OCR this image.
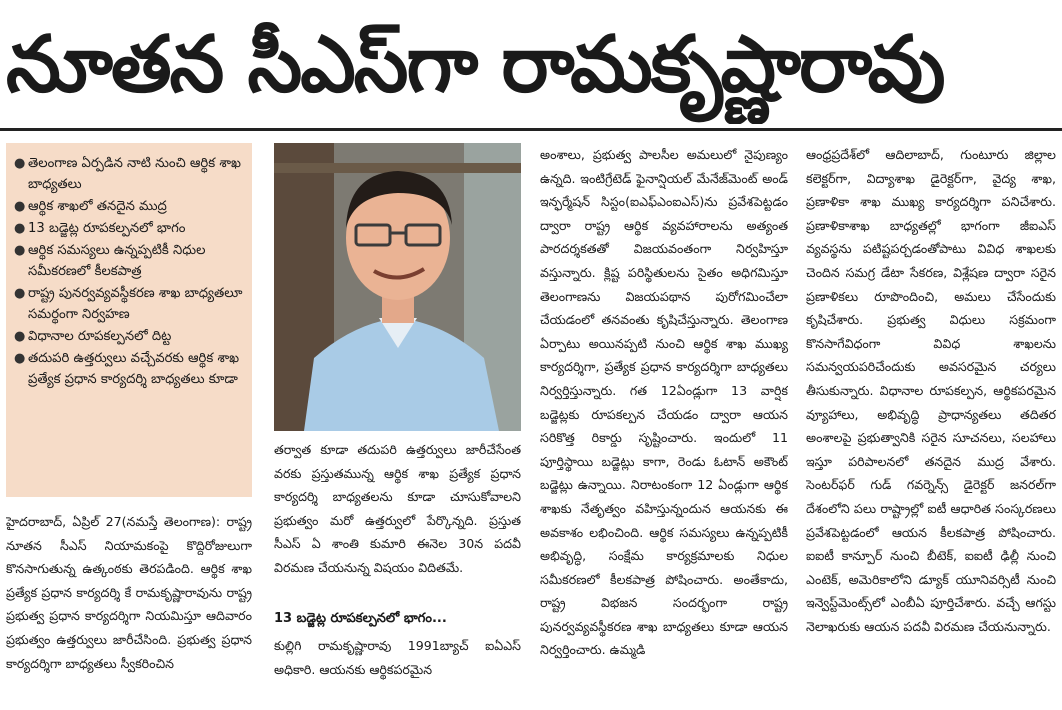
నూతన సీఎస్‌గా రామకృష్ణారావు
● తెలంగాణ ఏర్పడిన నాటి నుంచి ఆర్థిక శాఖ బాధ్యతలు
● ఆర్థిక శాఖలో తనదైన ముద్ర
● 13 బడ్జెట్ల రూపకల్పనలో భాగం
● ఆర్థిక సమస్యలు ఉన్నప్పటికీ నిధుల సమీకరణలో కీలకపాత్ర
● రాష్ట్ర పునర్వవ్యవస్థీకరణ శాఖ బాధ్యతలూ సమర్థంగా నిర్వహణ
● విధానాల రూపకల్పనలో దిట్ట
● తదుపరి ఉత్తర్వులు వచ్చేవరకు ఆర్థిక శాఖ ప్రత్యేక ప్రధాన కార్యదర్శి బాధ్యతలు కూడా

హైదరాబాద్, ఏప్రిల్ 27(నమస్తే తెలంగాణ): రాష్ట్ర నూతన సీఎస్ నియామకంపై కొద్దిరోజులుగా కొనసాగుతున్న ఉత్కంఠకు తెరపడింది. ఆర్థిక శాఖ ప్రత్యేక ప్రధాన కార్యదర్శి కే రామకృష్ణారావును రాష్ట్ర ప్రభుత్వ ప్రధాన కార్యదర్శిగా నియమిస్తూ ఆదివారం ప్రభుత్వం ఉత్తర్వులు జారీచేసింది. ప్రభుత్వ ప్రధాన కార్యదర్శిగా బాధ్యతలు స్వీకరించిన

తర్వాత కూడా తదుపరి ఉత్తర్వులు జారీచేసేంత వరకు ప్రస్తుతమున్న ఆర్థిక శాఖ ప్రత్యేక ప్రధాన కార్యదర్శి బాధ్యతలను కూడా చూసుకోవాలని ప్రభుత్వం మరో ఉత్తర్వులో పేర్కొన్నది. ప్రస్తుత సీఎస్ ఏ శాంతి కుమారి ఈనెల 30న పదవీ విరమణ చేయనున్న విషయం విదితమే.

13 బడ్జెట్ల రూపకల్పనలో భాగం...

కుల్లిగి రామకృష్ణారావు 1991బ్యాచ్ ఐఏఎస్ అధికారి. ఆయనకు ఆర్థికపరమైన

అంశాలు, ప్రభుత్వ పాలసీల అమలులో నైపుణ్యం ఉన్నది. ఇంటిగ్రేటెడ్ ఫైనాన్షియల్ మేనేజ్‌మెంట్ అండ్ ఇన్ఫర్మేషన్ సిస్టం(ఐఎఫ్ఎంఐఎస్)ను ప్రవేశపెట్టడం ద్వారా రాష్ట్ర ఆర్థిక వ్యవహారాలను అత్యంత పారదర్శకతతో విజయవంతంగా నిర్వహిస్తూ వస్తున్నారు. క్లిష్ట పరిస్థితులను సైతం అధిగమిస్తూ తెలంగాణను విజయపథాన పురోగమించేలా చేయడంలో తనవంతు కృషిచేస్తున్నారు. తెలంగాణ ఏర్పాటు అయినప్పటి నుంచి ఆర్థిక శాఖ ముఖ్య కార్యదర్శిగా, ప్రత్యేక ప్రధాన కార్యదర్శిగా బాధ్యతలు నిర్వర్తిస్తున్నారు. గత 12ఏండ్లుగా 13 వార్షిక బడ్జెట్లకు రూపకల్పన చేయడం ద్వారా ఆయన సరికొత్త రికార్డు సృష్టించారు. ఇందులో 11 పూర్తిస్థాయి బడ్జెట్లు కాగా, రెండు ఓటాన్ అకౌంట్ బడ్జెట్లు ఉన్నాయి. నిరాటంకంగా 12 ఏండ్లుగా ఆర్థిక శాఖకు నేతృత్వం వహిస్తున్నందున ఆయనకు ఈ అవకాశం లభించింది. ఆర్థిక సమస్యలు ఉన్నప్పటికీ అభివృద్ధి, సంక్షేమ కార్యక్రమాలకు నిధుల సమీకరణలో కీలకపాత్ర పోషించారు. అంతేకాదు, రాష్ట్ర విభజన సందర్భంగా రాష్ట్ర పునర్వవ్యవస్థీకరణ శాఖ బాధ్యతలు కూడా ఆయన నిర్వర్తించారు. ఉమ్మడి

ఆంధ్రప్రదేశ్‌లో ఆదిలాబాద్, గుంటూరు జిల్లాల కలెక్టర్‌గా, విద్యాశాఖ డైరెక్టర్‌గా, వైద్య శాఖ, ప్రణాళికా శాఖ ముఖ్య కార్యదర్శిగా పనిచేశారు. ప్రణాళికాశాఖ బాధ్యతల్లో భాగంగా జీఐఎస్ వ్యవస్థను పటిష్టపర్చడంతోపాటు వివిధ శాఖలకు చెందిన సమగ్ర డేటా సేకరణ, విశ్లేషణ ద్వారా సరైన ప్రణాళికలు రూపొందించి, అమలు చేసేందుకు కృషిచేశారు. ప్రభుత్వ విధులు సక్రమంగా కొనసాగేవిధంగా వివిధ శాఖలను సమన్వయపరిచేందుకు అవసరమైన చర్యలు తీసుకున్నారు. విధానాల రూపకల్పన, ఆర్థికపరమైన వ్యూహాలు, అభివృద్ధి ప్రాధాన్యతలు తదితర అంశాలపై ప్రభుత్వానికి సరైన సూచనలు, సలహాలు ఇస్తూ పరిపాలనలో తనదైన ముద్ర వేశారు. సెంటర్‌ఫర్ గుడ్ గవర్నెన్స్ డైరెక్టర్ జనరల్‌గా దేశంలోని పలు రాష్ట్రాల్లో ఐటీ ఆధారిత సంస్కరణలు ప్రవేశపెట్టడంలో ఆయన కీలకపాత్ర పోషించారు. ఐఐటీ కాన్పూర్ నుంచి బీటెక్, ఐఐటీ ఢిల్లీ నుంచి ఎంటెక్, అమెరికాలోని డ్యూక్ యూనివర్సిటీ నుంచి ఇన్వెస్ట్‌మెంట్స్‌లో ఎంబీఏ పూర్తిచేశారు. వచ్చే ఆగస్టు నెలాఖరుకు ఆయన పదవీ విరమణ చేయనున్నారు.
